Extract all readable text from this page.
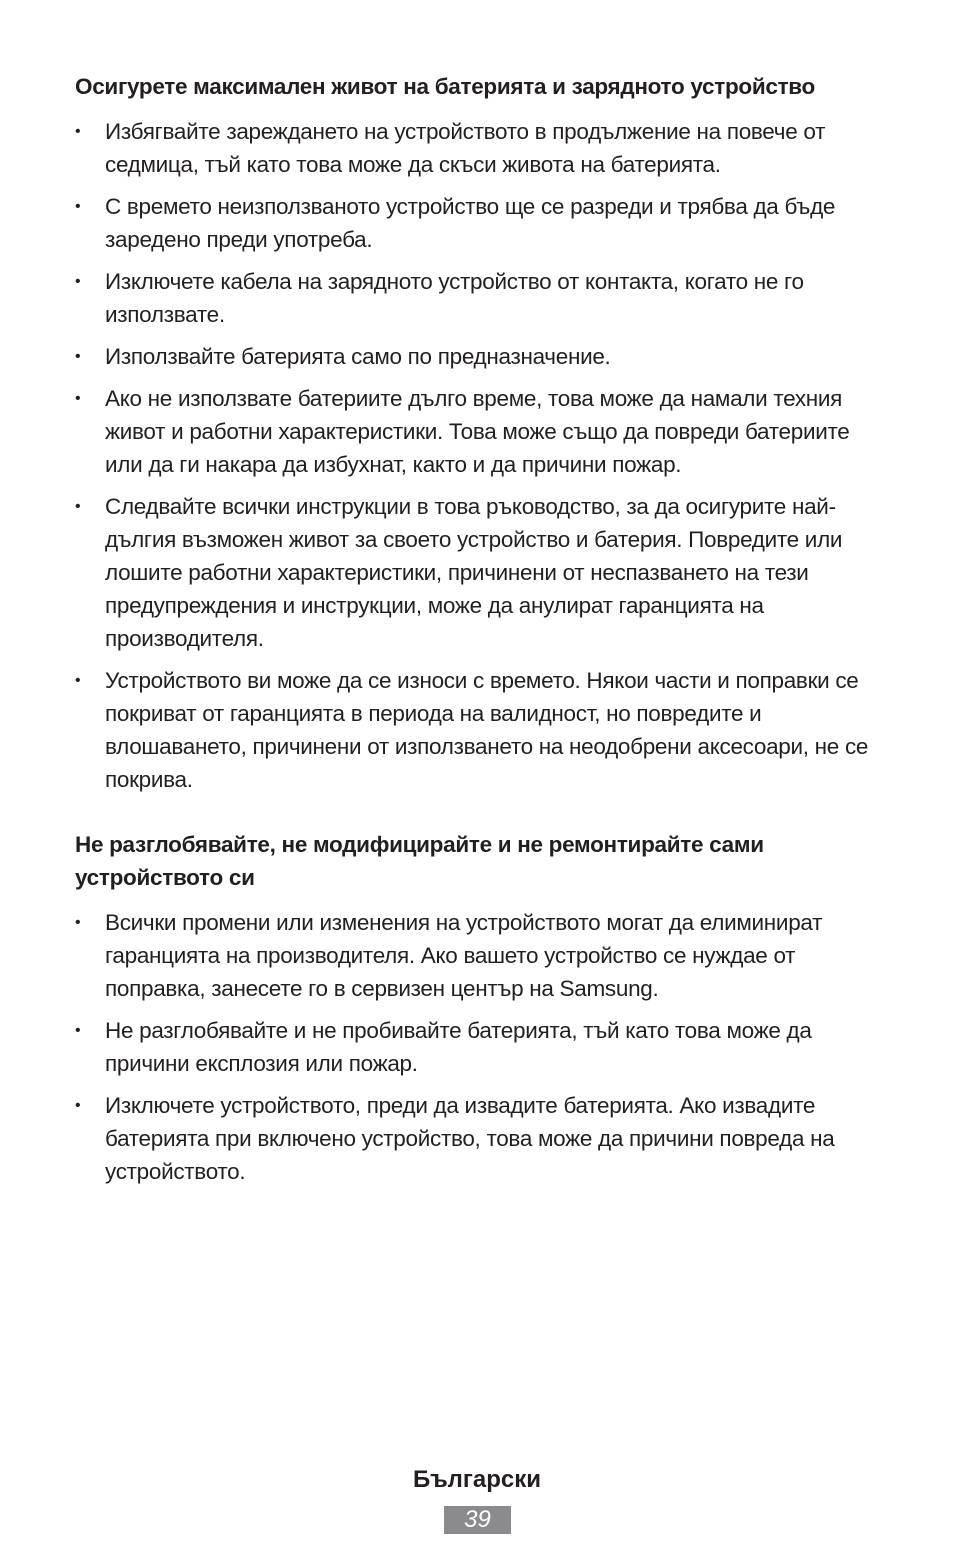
Осигурете максимален живот на батерията и зарядното устройство
•	Избягвайте зареждането на устройството в продължение на повече от седмица, тъй като това може да скъси живота на батерията.
•	С времето неизползваното устройство ще се разреди и трябва да бъде заредено преди употреба.
•	Изключете кабела на зарядното устройство от контакта, когато не го използвате.
•	Използвайте батерията само по предназначение.
•	Ако не използвате батериите дълго време, това може да намали техния живот и работни характеристики. Това може също да повреди батериите или да ги накара да избухнат, както и да причини пожар.
•	Следвайте всички инструкции в това ръководство, за да осигурите най-дългия възможен живот за своето устройство и батерия. Повредите или лошите работни характеристики, причинени от неспазването на тези предупреждения и инструкции, може да анулират гаранцията на производителя.
•	Устройството ви може да се износи с времето. Някои части и поправки се покриват от гаранцията в периода на валидност, но повредите и влошаването, причинени от използването на неодобрени аксесоари, не се покрива.
Не разглобявайте, не модифицирайте и не ремонтирайте сами устройството си
•	Всички промени или изменения на устройството могат да елиминират гаранцията на производителя. Ако вашето устройство се нуждае от поправка, занесете го в сервизен център на Samsung.
•	Не разглобявайте и не пробивайте батерията, тъй като това може да причини експлозия или пожар.
•	Изключете устройството, преди да извадите батерията. Ако извадите батерията при включено устройство, това може да причини повреда на устройството.
Български
39
